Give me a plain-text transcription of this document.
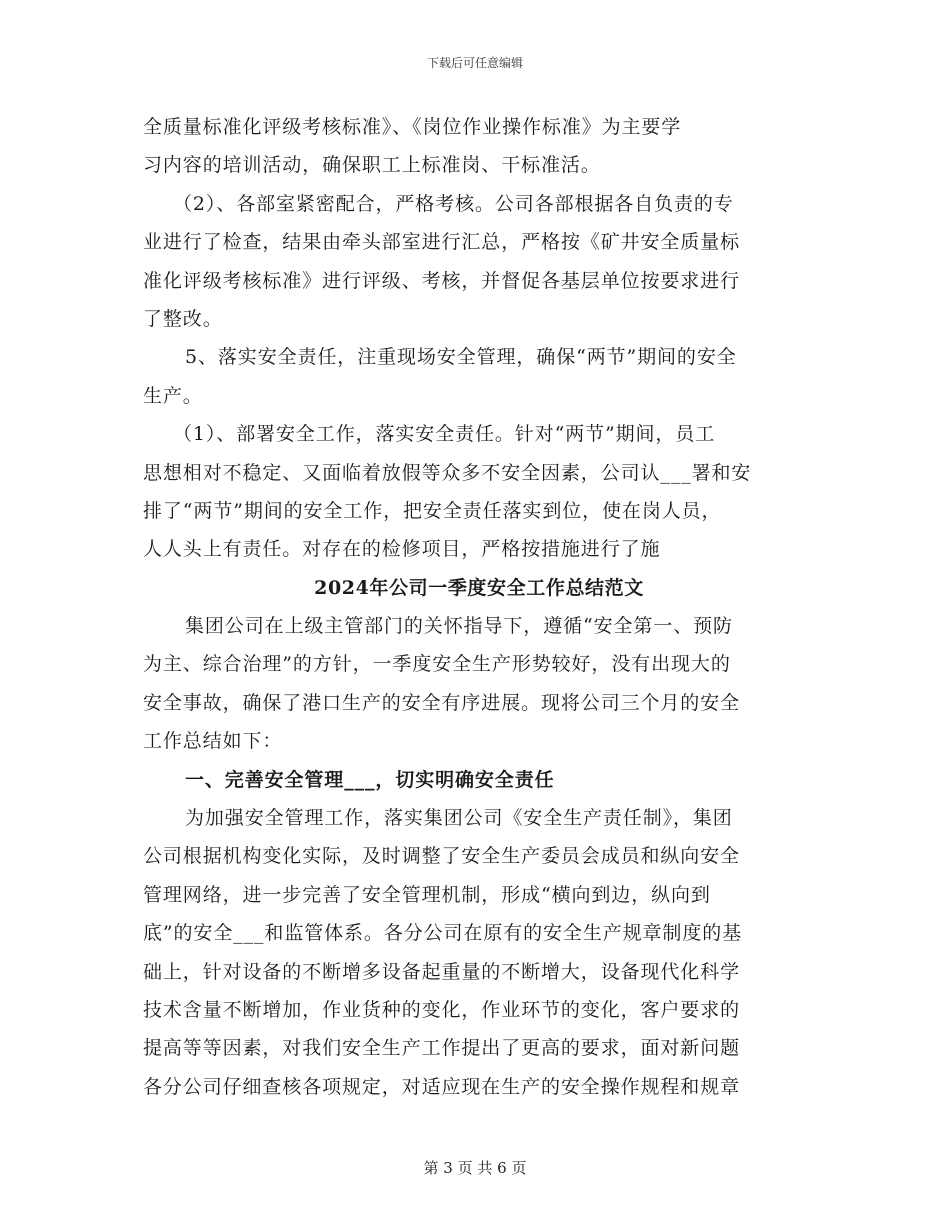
下载后可任意编辑
全质量标准化评级考核标准》、《岗位作业操作标准》为主要学
习内容的培训活动，确保职工上标准岗、干标准活。
（2）、各部室紧密配合，严格考核。公司各部根据各自负责的专
业进行了检查，结果由牵头部室进行汇总，严格按《矿井安全质量标
准化评级考核标准》进行评级、考核，并督促各基层单位按要求进行
了整改。
5、落实安全责任，注重现场安全管理，确保“两节”期间的安全
生产。
（1）、部署安全工作，落实安全责任。针对“两节”期间，员工
思想相对不稳定、又面临着放假等众多不安全因素，公司认___署和安
排了“两节”期间的安全工作，把安全责任落实到位，使在岗人员，
人人头上有责任。对存在的检修项目，严格按措施进行了施
2024年公司一季度安全工作总结范文
集团公司在上级主管部门的关怀指导下，遵循“安全第一、预防
为主、综合治理”的方针，一季度安全生产形势较好，没有出现大的
安全事故，确保了港口生产的安全有序进展。现将公司三个月的安全
工作总结如下：
一、完善安全管理___，切实明确安全责任
为加强安全管理工作，落实集团公司《安全生产责任制》，集团
公司根据机构变化实际，及时调整了安全生产委员会成员和纵向安全
管理网络，进一步完善了安全管理机制，形成“横向到边，纵向到
底”的安全___和监管体系。各分公司在原有的安全生产规章制度的基
础上，针对设备的不断增多设备起重量的不断增大，设备现代化科学
技术含量不断增加，作业货种的变化，作业环节的变化，客户要求的
提高等等因素，对我们安全生产工作提出了更高的要求，面对新问题
各分公司仔细查核各项规定，对适应现在生产的安全操作规程和规章
第 3 页 共 6 页
